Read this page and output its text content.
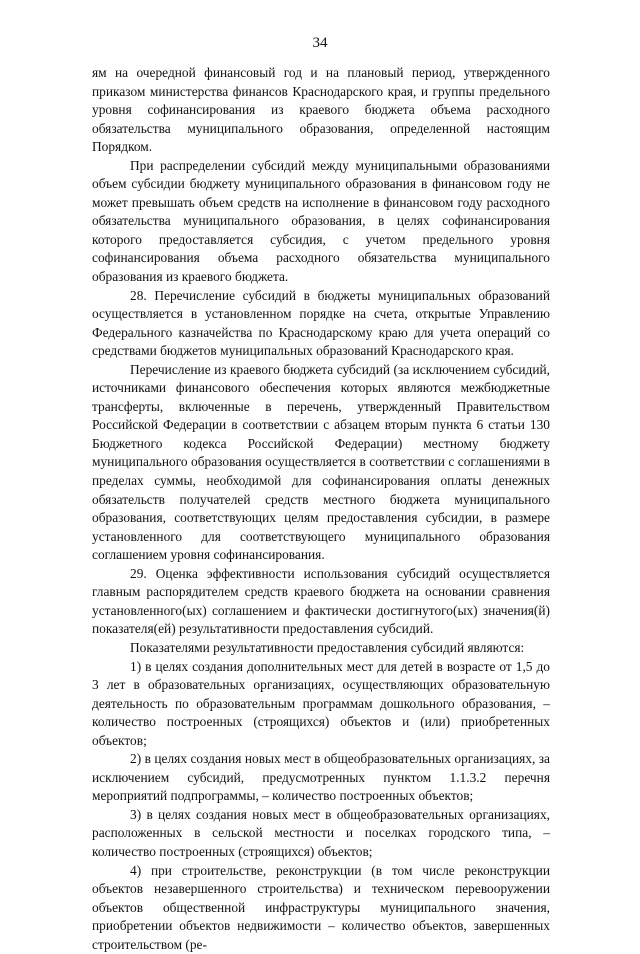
34

ям на очередной финансовый год и на плановый период, утвержденного приказом министерства финансов Краснодарского края, и группы предельного уровня софинансирования из краевого бюджета объема расходного обязательства муниципального образования, определенной настоящим Порядком.

При распределении субсидий между муниципальными образованиями объем субсидии бюджету муниципального образования в финансовом году не может превышать объем средств на исполнение в финансовом году расходного обязательства муниципального образования, в целях софинансирования которого предоставляется субсидия, с учетом предельного уровня софинансирования объема расходного обязательства муниципального образования из краевого бюджета.

28. Перечисление субсидий в бюджеты муниципальных образований осуществляется в установленном порядке на счета, открытые Управлению Федерального казначейства по Краснодарскому краю для учета операций со средствами бюджетов муниципальных образований Краснодарского края.

Перечисление из краевого бюджета субсидий (за исключением субсидий, источниками финансового обеспечения которых являются межбюджетные трансферты, включенные в перечень, утвержденный Правительством Российской Федерации в соответствии с абзацем вторым пункта 6 статьи 130 Бюджетного кодекса Российской Федерации) местному бюджету муниципального образования осуществляется в соответствии с соглашениями в пределах суммы, необходимой для софинансирования оплаты денежных обязательств получателей средств местного бюджета муниципального образования, соответствующих целям предоставления субсидии, в размере установленного для соответствующего муниципального образования соглашением уровня софинансирования.

29. Оценка эффективности использования субсидий осуществляется главным распорядителем средств краевого бюджета на основании сравнения установленного(ых) соглашением и фактически достигнутого(ых) значения(й) показателя(ей) результативности предоставления субсидий.

Показателями результативности предоставления субсидий являются:

1) в целях создания дополнительных мест для детей в возрасте от 1,5 до 3 лет в образовательных организациях, осуществляющих образовательную деятельность по образовательным программам дошкольного образования, – количество построенных (строящихся) объектов и (или) приобретенных объектов;

2) в целях создания новых мест в общеобразовательных организациях, за исключением субсидий, предусмотренных пунктом 1.1.3.2 перечня мероприятий подпрограммы, – количество построенных объектов;

3) в целях создания новых мест в общеобразовательных организациях, расположенных в сельской местности и поселках городского типа, – количество построенных (строящихся) объектов;

4) при строительстве, реконструкции (в том числе реконструкции объектов незавершенного строительства) и техническом перевооружении объектов общественной инфраструктуры муниципального значения, приобретении объектов недвижимости – количество объектов, завершенных строительством (ре-
